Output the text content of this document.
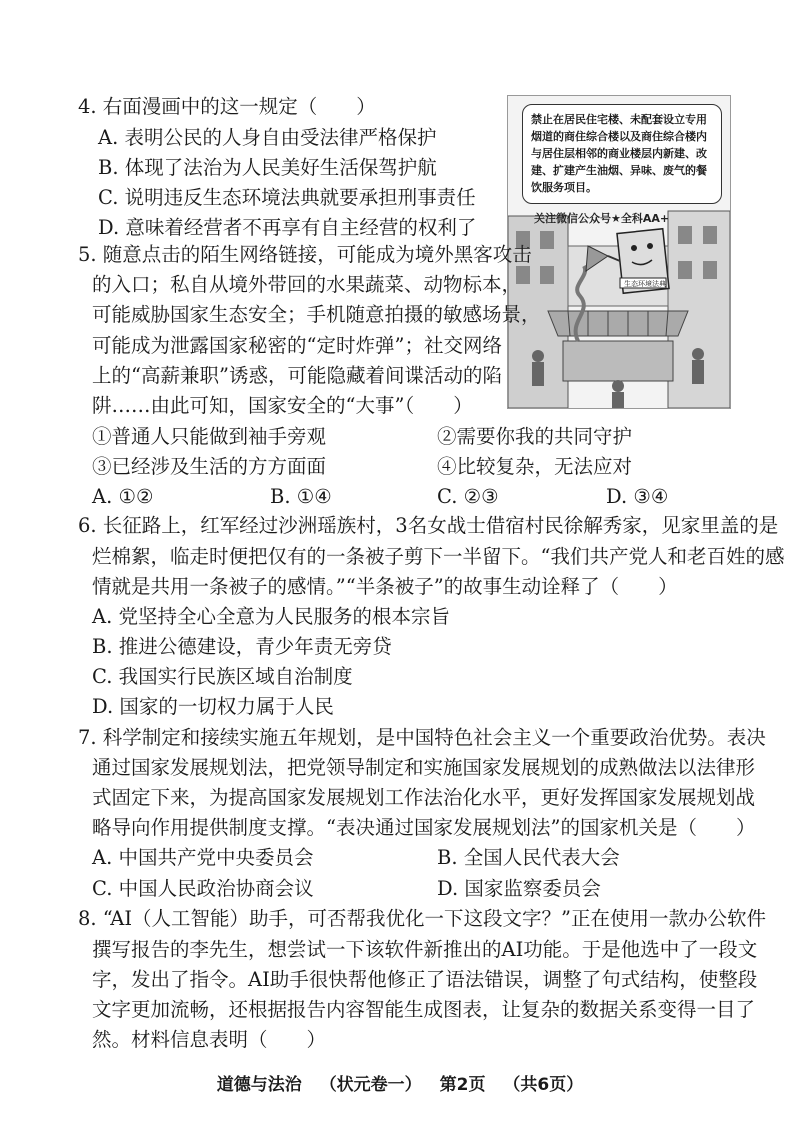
4. 右面漫画中的这一规定（　　）
A. 表明公民的人身自由受法律严格保护
B. 体现了法治为人民美好生活保驾护航
C. 说明违反生态环境法典就要承担刑事责任
D. 意味着经营者不再享有自主经营的权利了
生态环境法典
禁止在居民住宅楼、未配套设立专用烟道的商住综合楼以及商住综合楼内与居住层相邻的商业楼层内新建、改建、扩建产生油烟、异味、废气的餐饮服务项目。
关注微信公众号★全科AA+
5. 随意点击的陌生网络链接，可能成为境外黑客攻击
的入口；私自从境外带回的水果蔬菜、动物标本，
可能威胁国家生态安全；手机随意拍摄的敏感场景，
可能成为泄露国家秘密的“定时炸弹”；社交网络
上的“高薪兼职”诱惑，可能隐藏着间谍活动的陷
阱……由此可知，国家安全的“大事”（　　）
①普通人只能做到袖手旁观	②需要你我的共同守护
③已经涉及生活的方方面面	④比较复杂，无法应对
A. ①②	B. ①④	C. ②③	D. ③④
6. 长征路上，红军经过沙洲瑶族村，3名女战士借宿村民徐解秀家，见家里盖的是
烂棉絮，临走时便把仅有的一条被子剪下一半留下。“我们共产党人和老百姓的感
情就是共用一条被子的感情。”“半条被子”的故事生动诠释了（　　）
A. 党坚持全心全意为人民服务的根本宗旨
B. 推进公德建设，青少年责无旁贷
C. 我国实行民族区域自治制度
D. 国家的一切权力属于人民
7. 科学制定和接续实施五年规划，是中国特色社会主义一个重要政治优势。表决
通过国家发展规划法，把党领导制定和实施国家发展规划的成熟做法以法律形
式固定下来，为提高国家发展规划工作法治化水平，更好发挥国家发展规划战
略导向作用提供制度支撑。“表决通过国家发展规划法”的国家机关是（　　）
A. 中国共产党中央委员会	B. 全国人民代表大会
C. 中国人民政治协商会议	D. 国家监察委员会
8. “AI（人工智能）助手，可否帮我优化一下这段文字？”正在使用一款办公软件
撰写报告的李先生，想尝试一下该软件新推出的AI功能。于是他选中了一段文
字，发出了指令。AI助手很快帮他修正了语法错误，调整了句式结构，使整段
文字更加流畅，还根据报告内容智能生成图表，让复杂的数据关系变得一目了
然。材料信息表明（　　）
道德与法治 （状元卷一） 第2页 （共6页）
